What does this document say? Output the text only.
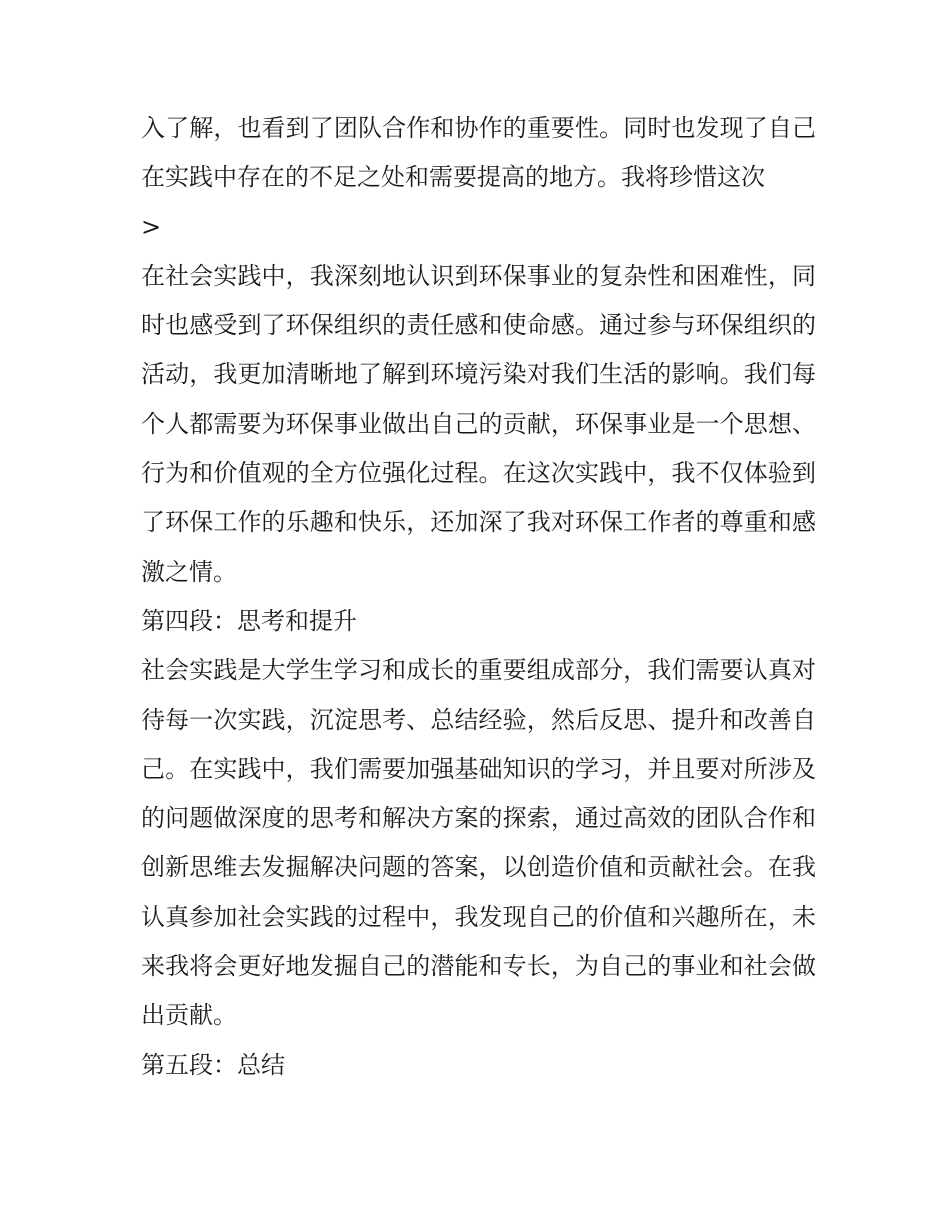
入了解，也看到了团队合作和协作的重要性。同时也发现了自己在实践中存在的不足之处和需要提高的地方。我将珍惜这次

>

在社会实践中，我深刻地认识到环保事业的复杂性和困难性，同时也感受到了环保组织的责任感和使命感。通过参与环保组织的活动，我更加清晰地了解到环境污染对我们生活的影响。我们每个人都需要为环保事业做出自己的贡献，环保事业是一个思想、行为和价值观的全方位强化过程。在这次实践中，我不仅体验到了环保工作的乐趣和快乐，还加深了我对环保工作者的尊重和感激之情。

第四段：思考和提升

社会实践是大学生学习和成长的重要组成部分，我们需要认真对待每一次实践，沉淀思考、总结经验，然后反思、提升和改善自己。在实践中，我们需要加强基础知识的学习，并且要对所涉及的问题做深度的思考和解决方案的探索，通过高效的团队合作和创新思维去发掘解决问题的答案，以创造价值和贡献社会。在我认真参加社会实践的过程中，我发现自己的价值和兴趣所在，未来我将会更好地发掘自己的潜能和专长，为自己的事业和社会做出贡献。

第五段：总结
